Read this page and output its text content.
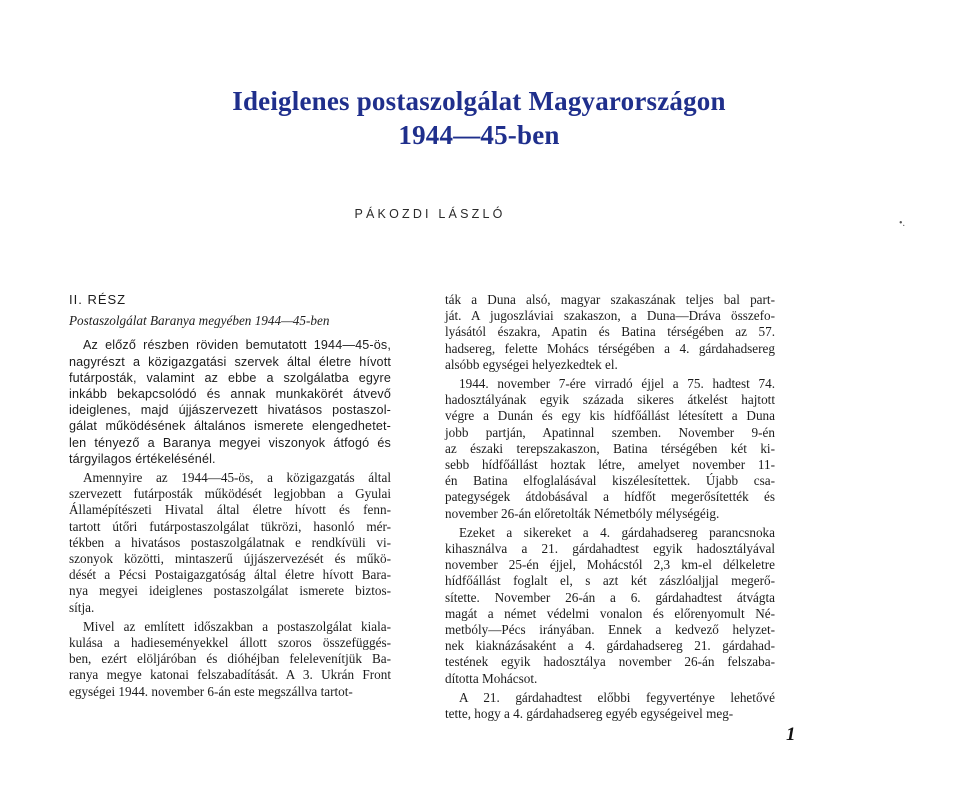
Ideiglenes postaszolgálat Magyarországon
1944—45-ben
PÁKOZDI LÁSZLÓ
•.

II. RÉSZ

Postaszolgálat Baranya megyében 1944—45-ben

Az előző részben röviden bemutatott 1944—45-ös,

nagyrészt a közigazgatási szervek által életre hívott

futárposták, valamint az ebbe a szolgálatba egyre

inkább bekapcsolódó és annak munkakörét átvevő

ideiglenes, majd újjászervezett hivatásos postaszol-

gálat működésének általános ismerete elengedhetet-

len tényező a Baranya megyei viszonyok átfogó és

tárgyilagos értékelésénél.

Amennyire az 1944—45-ös, a közigazgatás által

szervezett futárposták működését legjobban a Gyulai

Államépítészeti Hivatal által életre hívott és fenn-

tartott útőri futárpostaszolgálat tükrözi, hasonló mér-

tékben a hivatásos postaszolgálatnak e rendkívüli vi-

szonyok közötti, mintaszerű újjászervezését és műkö-

dését a Pécsi Postaigazgatóság által életre hívott Bara-

nya megyei ideiglenes postaszolgálat ismerete biztos-

sítja.

Mivel az említett időszakban a postaszolgálat kiala-

kulása a hadieseményekkel állott szoros összefüggés-

ben, ezért elöljáróban és dióhéjban felelevenítjük Ba-

ranya megye katonai felszabadítását. A 3. Ukrán Front

egységei 1944. november 6-án este megszállva tartot-

ták a Duna alsó, magyar szakaszának teljes bal part-

ját. A jugoszláviai szakaszon, a Duna—Dráva összefo-

lyásától északra, Apatin és Batina térségében az 57.

hadsereg, felette Mohács térségében a 4. gárdahadsereg

alsóbb egységei helyezkedtek el.

1944. november 7-ére virradó éjjel a 75. hadtest 74.

hadosztályának egyik százada sikeres átkelést hajtott

végre a Dunán és egy kis hídfőállást létesített a Duna

jobb partján, Apatinnal szemben. November 9-én

az északi terepszakaszon, Batina térségében két ki-

sebb hídfőállást hoztak létre, amelyet november 11-

én Batina elfoglalásával kiszélesítettek. Újabb csa-

pategységek átdobásával a hídfőt megerősítették és

november 26-án előretolták Németbóly mélységéig.

Ezeket a sikereket a 4. gárdahadsereg parancsnoka

kihasználva a 21. gárdahadtest egyik hadosztályával

november 25-én éjjel, Mohácstól 2,3 km-el délkeletre

hídfőállást foglalt el, s azt két zászlóaljjal megerő-

sítette. November 26-án a 6. gárdahadtest átvágta

magát a német védelmi vonalon és előrenyomult Né-

metbóly—Pécs irányában. Ennek a kedvező helyzet-

nek kiaknázásaként a 4. gárdahadsereg 21. gárdahad-

testének egyik hadosztálya november 26-án felszaba-

dította Mohácsot.

A 21. gárdahadtest előbbi fegyverténye lehetővé

tette, hogy a 4. gárdahadsereg egyéb egységeivel meg-

1
